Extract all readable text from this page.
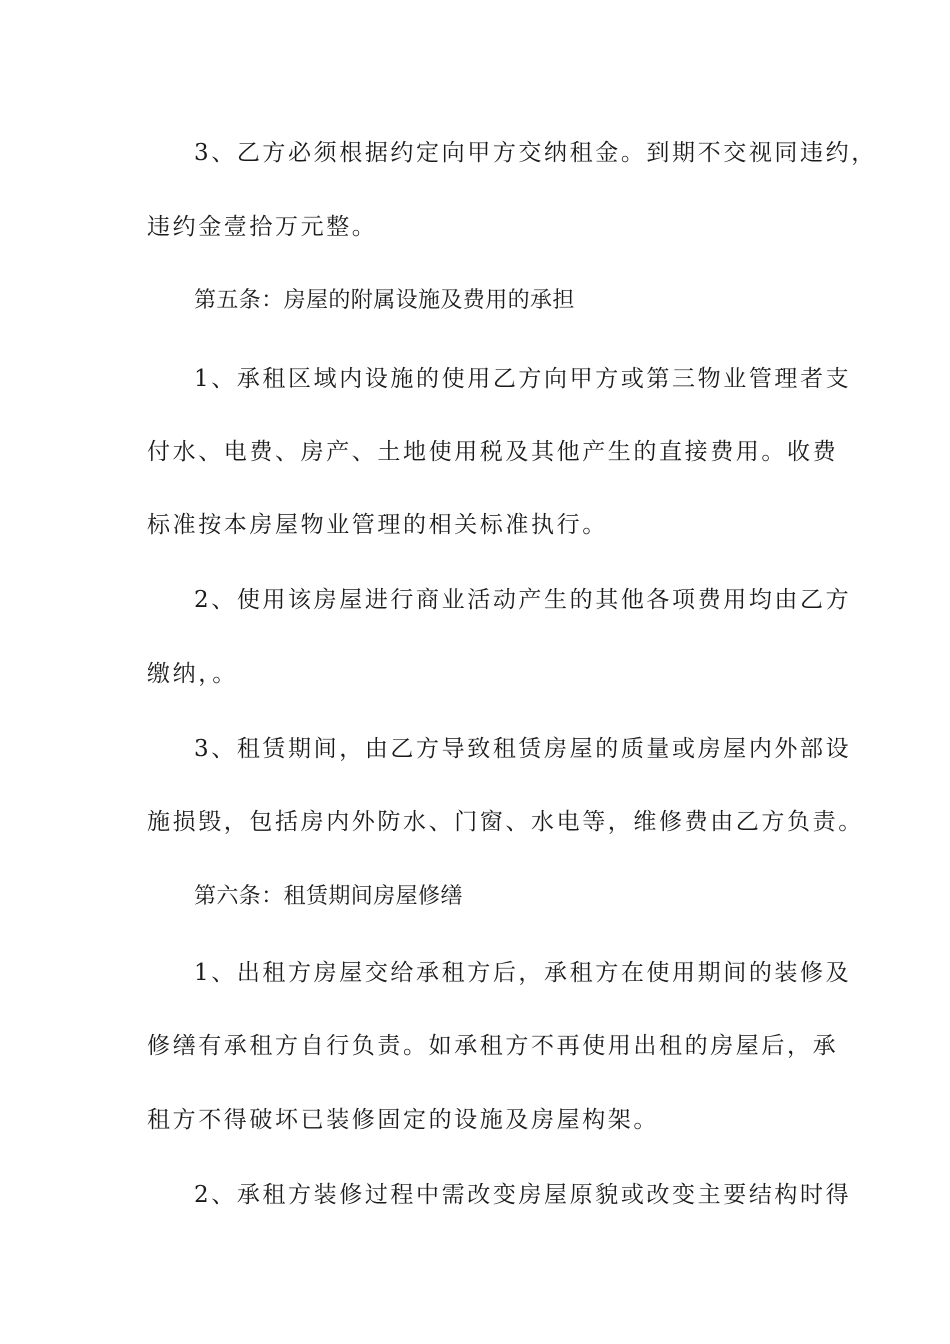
3、乙方必须根据约定向甲方交纳租金。到期不交视同违约，
违约金壹拾万元整。
第五条：房屋的附属设施及费用的承担
1、承租区域内设施的使用乙方向甲方或第三物业管理者支
付水、电费、房产、土地使用税及其他产生的直接费用。收费
标准按本房屋物业管理的相关标准执行。
2、使用该房屋进行商业活动产生的其他各项费用均由乙方
缴纳，。
3、租赁期间，由乙方导致租赁房屋的质量或房屋内外部设
施损毁，包括房内外防水、门窗、水电等，维修费由乙方负责。
第六条：租赁期间房屋修缮
1、出租方房屋交给承租方后，承租方在使用期间的装修及
修缮有承租方自行负责。如承租方不再使用出租的房屋后，承
租方不得破坏已装修固定的设施及房屋构架。
2、承租方装修过程中需改变房屋原貌或改变主要结构时得
